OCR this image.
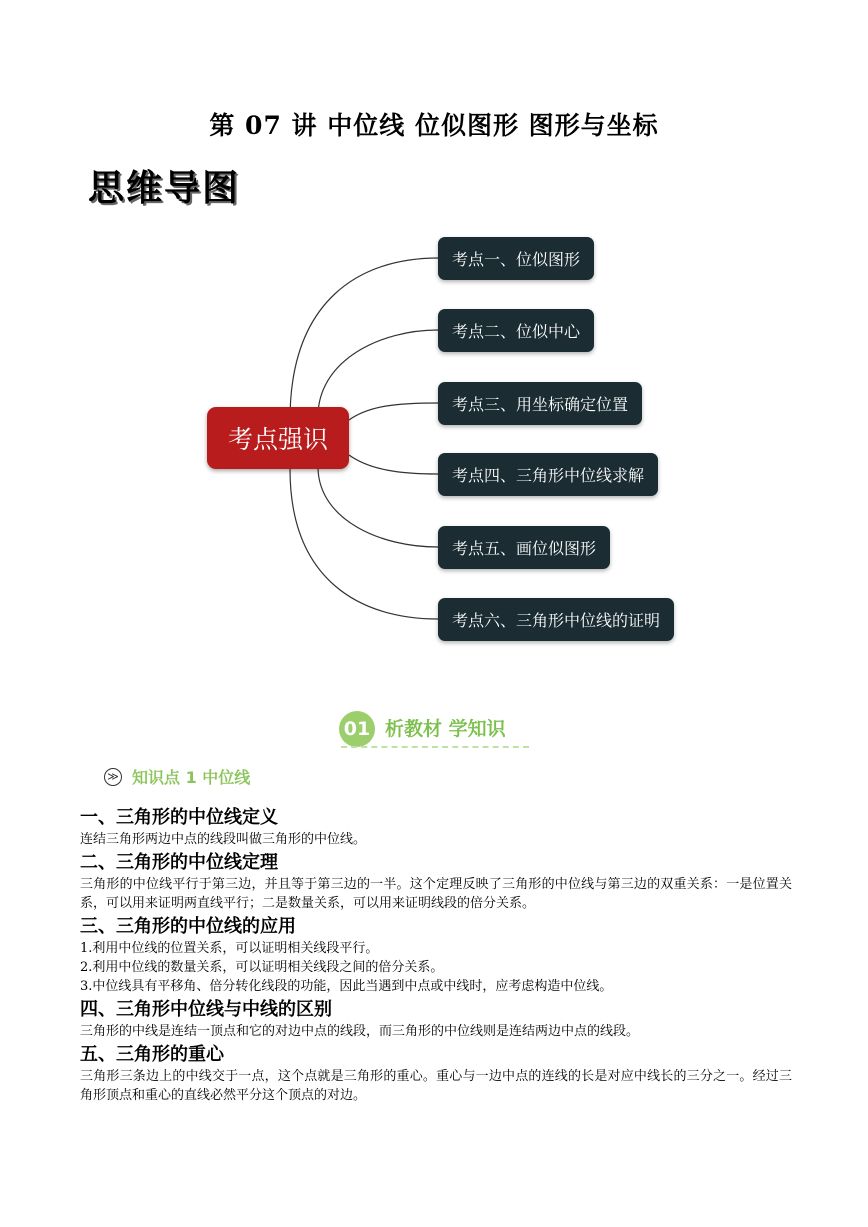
第 07 讲 中位线 位似图形 图形与坐标
思维导图
考点强识
考点一、位似图形
考点二、位似中心
考点三、用坐标确定位置
考点四、三角形中位线求解
考点五、画位似图形
考点六、三角形中位线的证明
01 析教材 学知识
≫ 知识点 1 中位线

一、三角形的中位线定义

连结三角形两边中点的线段叫做三角形的中位线。

二、三角形的中位线定理

三角形的中位线平行于第三边，并且等于第三边的一半。这个定理反映了三角形的中位线与第三边的双重关系：一是位置关系，可以用来证明两直线平行；二是数量关系，可以用来证明线段的倍分关系。

三、三角形的中位线的应用

1.利用中位线的位置关系，可以证明相关线段平行。

2.利用中位线的数量关系，可以证明相关线段之间的倍分关系。

3.中位线具有平移角、倍分转化线段的功能，因此当遇到中点或中线时，应考虑构造中位线。

四、三角形中位线与中线的区别

三角形的中线是连结一顶点和它的对边中点的线段，而三角形的中位线则是连结两边中点的线段。

五、三角形的重心

三角形三条边上的中线交于一点，这个点就是三角形的重心。重心与一边中点的连线的长是对应中线长的三分之一。经过三角形顶点和重心的直线必然平分这个顶点的对边。
